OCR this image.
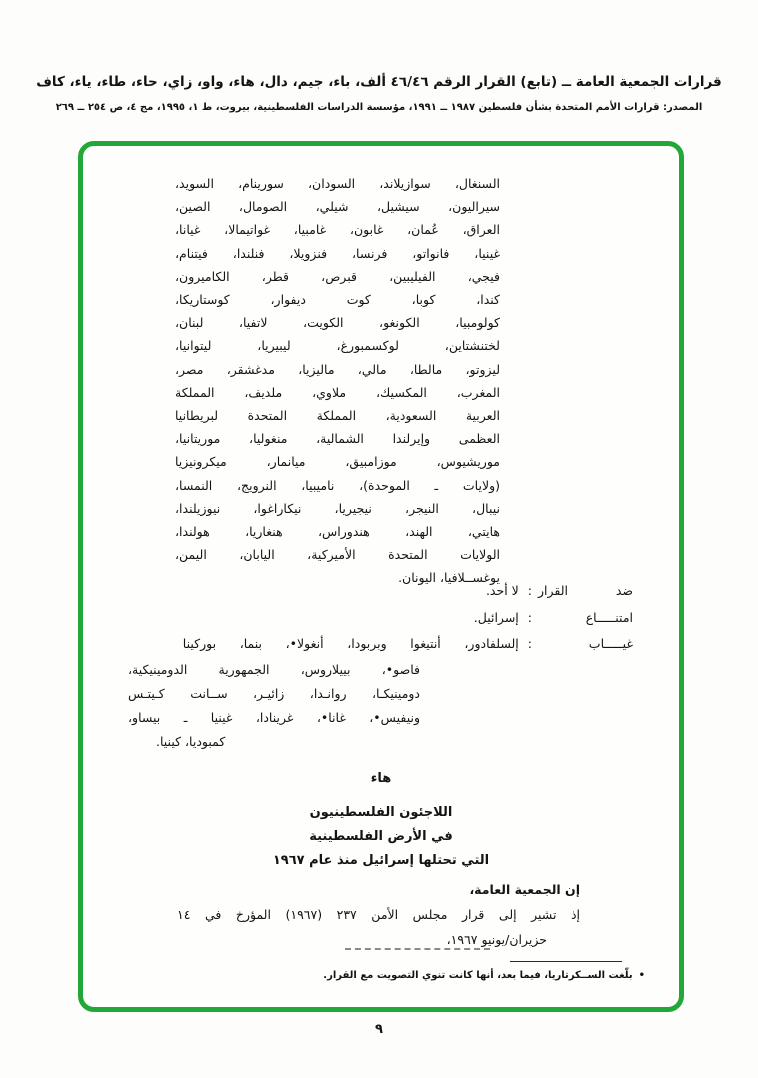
قرارات الجمعية العامة ــ (تابع) القرار الرقم ٤٦/٤٦ ألف، باء، جيم، دال، هاء، واو، زاي، حاء، طاء، ياء، كاف
المصدر: قرارات الأمم المتحدة بشأن فلسطين ١٩٨٧ ــ ١٩٩١، مؤسسة الدراسات الفلسطينية، بيروت، ط ١، ١٩٩٥، مج ٤، ص ٢٥٤ ــ ٢٦٩
السنغال، سوازيلاند، السودان، سورينام، السويد،
سيراليون، سيشيل، شيلي، الصومال، الصين،
العراق، عُمان، غابون، غامبيا، غواتيمالا، غيانا،
غينيا، فانواتو، فرنسا، فنزويلا، فنلندا، فيتنام،
فيجي، الفيليبين، قبرص، قطر، الكاميرون،
كندا، كوبا، كوت ديفوار، كوستاريكا،
كولومبيا، الكونغو، الكويت، لاتفيا، لبنان،
لختنشتاين، لوكسمبورغ، ليبيريا، ليتوانيا،
ليزوتو، مالطا، مالي، ماليزيا، مدغشقر، مصر،
المغرب، المكسيك، ملاوي، ملديف، المملكة
العربية السعودية، المملكة المتحدة لبريطانيا
العظمى وإيرلندا الشمالية، منغوليا، موريتانيا،
موريشيوس، موزامبيق، ميانمار، ميكرونيزيا
(ولايات ـ الموحدة)، ناميبيا، النرويج، النمسا،
نيبال، النيجر، نيجيريا، نيكاراغوا، نيوزيلندا،
هايتي، الهند، هندوراس، هنغاريا، هولندا،
الولايات المتحدة الأميركية، اليابان، اليمن،
يوغســلافيا، اليونان.
ضد القرار
:
لا أحد.
امتنـــــاع
:
إسرائيل.
غيـــــاب
:
إلسلفادور، أنتيغوا وبربودا، أنغولا•، بنما، بوركينا
فاصو•، بييلاروس، الجمهورية الدومينيكية،
دومينيكـا، روانـدا، زائيـر، ســانت كـيتـس
ونيفيس•، غانا•، غرينادا، غينيا ـ بيساو،
كمبوديا، كينيا.
هاء
اللاجئون الفلسطينيون
في الأرض الفلسطينية
التي تحتلها إسرائيل منذ عام ١٩٦٧
إن الجمعية العامة،
إذ تشير إلى قرار مجلس الأمن ٢٣٧ (١٩٦٧) المؤرخ في ١٤
حزيران/يونيو ١٩٦٧،
•بلّغت الســكرتاريا، فيما بعد، أنها كانت تنوي التصويت مع القرار.
٩
